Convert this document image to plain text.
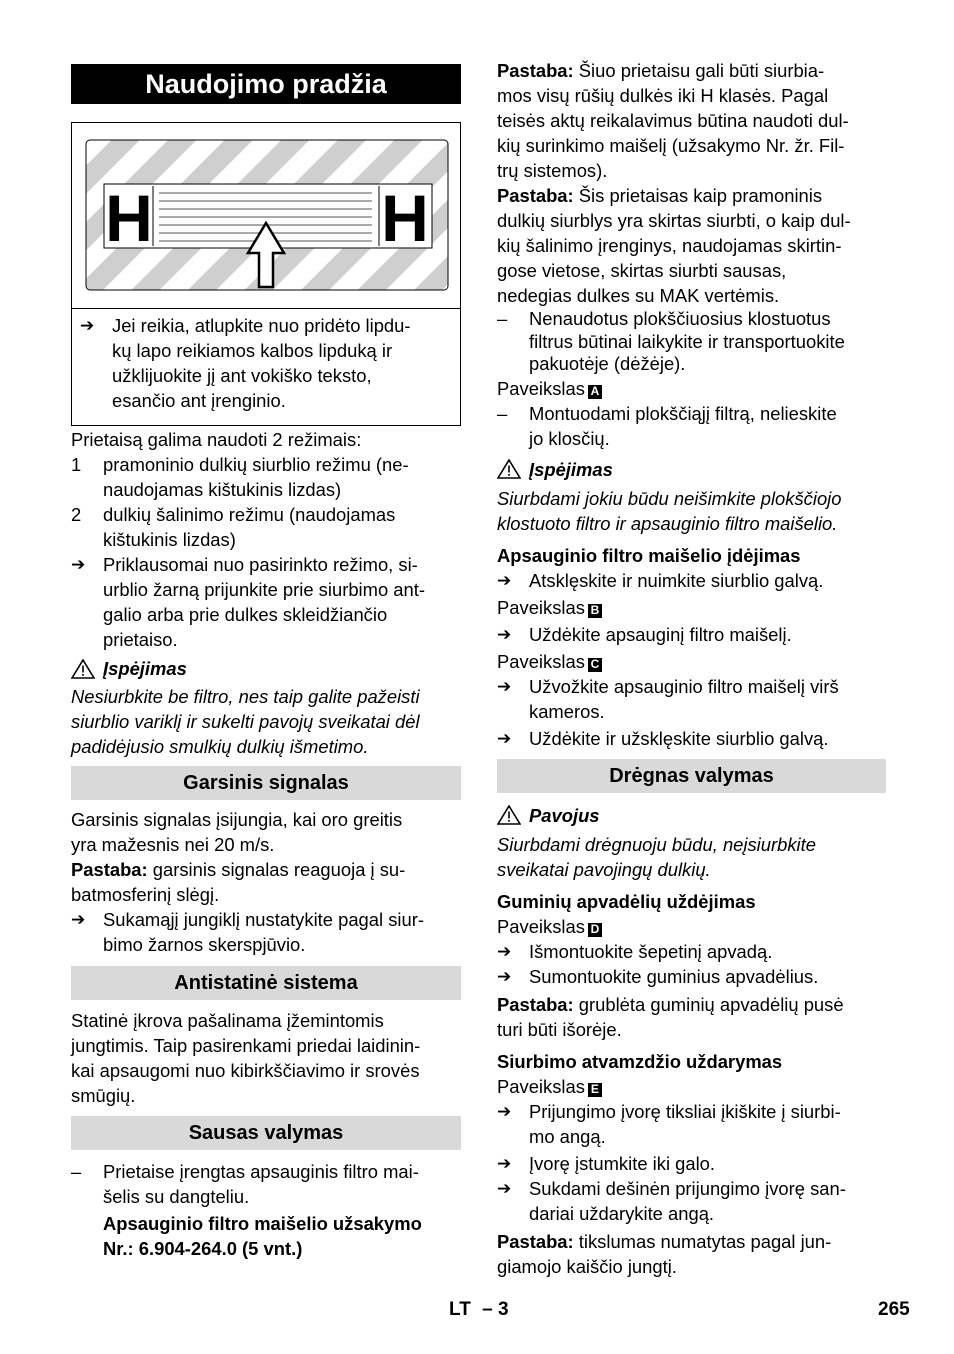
Naudojimo pradžia
H	H
➔ Jei reikia, atlupkite nuo pridėto lipdu-

kų lapo reikiamos kalbos lipduką ir

užklijuokite jį ant vokiško teksto,

esančio ant įrenginio.

Prietaisą galima naudoti 2 režimais:

1	pramoninio dulkių siurblio režimu (ne-

naudojamas kištukinis lizdas)

2	dulkių šalinimo režimu (naudojamas

kištukinis lizdas)

➔ Priklausomai nuo pasirinkto režimo, si-

urblio žarną prijunkite prie siurbimo ant-

galio arba prie dulkes skleidžiančio

prietaiso.

Įspėjimas

Nesiurbkite be filtro, nes taip galite pažeisti

siurblio variklį ir sukelti pavojų sveikatai dėl

padidėjusio smulkių dulkių išmetimo.

Garsinis signalas

Garsinis signalas įsijungia, kai oro greitis

yra mažesnis nei 20 m/s.

Pastaba: garsinis signalas reaguoja į su-

batmosferinį slėgį.

➔ Sukamąjį jungiklį nustatykite pagal siur-

bimo žarnos skerspjūvio.

Antistatinė sistema

Statinė įkrova pašalinama įžemintomis

jungtimis. Taip pasirenkami priedai laidinin-

kai apsaugomi nuo kibirkščiavimo ir srovės

smūgių.

Sausas valymas
–	Prietaise įrengtas apsauginis filtro mai-

šelis su dangteliu.

Apsauginio filtro maišelio užsakymo

Nr.: 6.904-264.0 (5 vnt.)

Pastaba: Šiuo prietaisu gali būti siurbia-

mos visų rūšių dulkės iki H klasės. Pagal

teisės aktų reikalavimus būtina naudoti dul-

kių surinkimo maišelį (užsakymo Nr. žr. Fil-

trų sistemos).

Pastaba: Šis prietaisas kaip pramoninis

dulkių siurblys yra skirtas siurbti, o kaip dul-

kių šalinimo įrenginys, naudojamas skirtin-

gose vietose, skirtas siurbti sausas,

nedegias dulkes su MAK vertėmis.

–	Nenaudotus plokščiuosius klostuotus

filtrus būtinai laikykite ir transportuokite

pakuotėje (dėžėje).

Paveikslas A

–	Montuodami plokščiąjį filtrą, nelieskite

jo klosčių.

Įspėjimas

Siurbdami jokiu būdu neišimkite plokščiojo

klostuoto filtro ir apsauginio filtro maišelio.

Apsauginio filtro maišelio įdėjimas

➔ Atsklęskite ir nuimkite siurblio galvą.

Paveikslas B

➔ Uždėkite apsauginį filtro maišelį.

Paveikslas C

➔ Užvožkite apsauginio filtro maišelį virš

kameros.

➔ Uždėkite ir užsklęskite siurblio galvą.

Drėgnas valymas
Pavojus

Siurbdami drėgnuoju būdu, neįsiurbkite

sveikatai pavojingų dulkių.

Guminių apvadėlių uždėjimas

Paveikslas D

➔ Išmontuokite šepetinį apvadą.

➔ Sumontuokite guminius apvadėlius.

Pastaba: grublėta guminių apvadėlių pusė

turi būti išorėje.

Siurbimo atvamzdžio uždarymas

Paveikslas E

➔ Prijungimo įvorę tiksliai įkiškite į siurbi-

mo angą.

➔ Įvorę įstumkite iki galo.

➔ Sukdami dešinėn prijungimo įvorę san-

dariai uždarykite angą.

Pastaba: tikslumas numatytas pagal jun-

giamojo kaiščio jungtį.

LT – 3	265
